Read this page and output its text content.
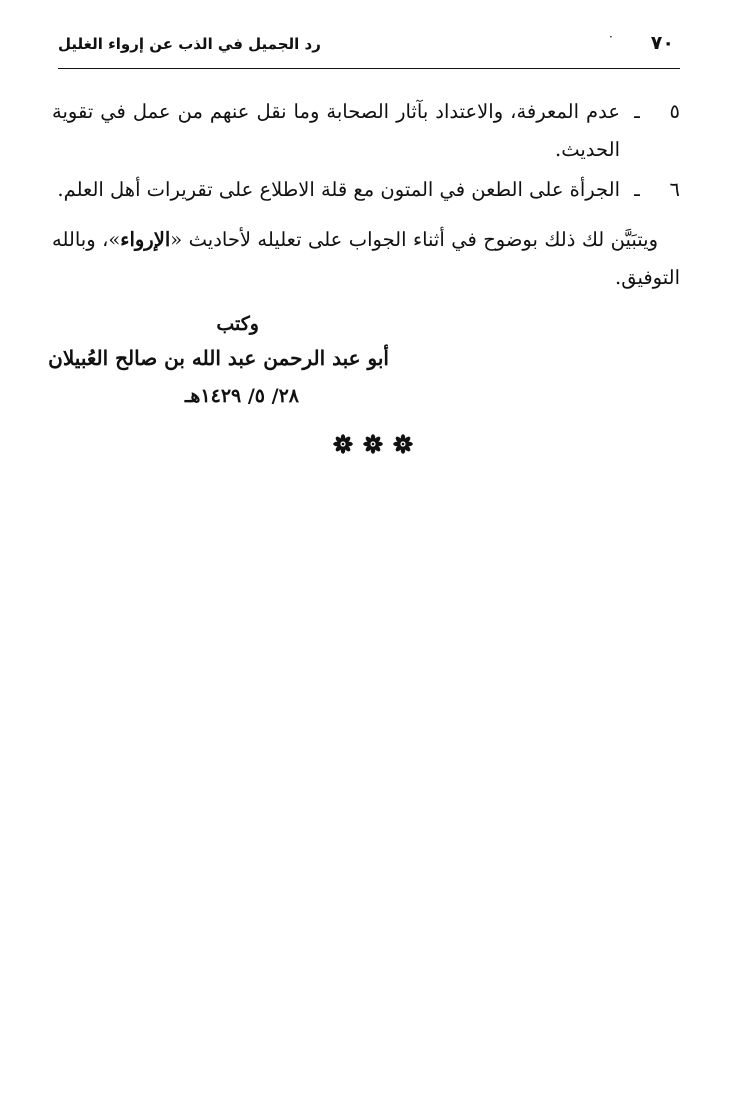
٧٠
·
رد الجميل في الذب عن إرواء الغليل
٥
ـ
عدم المعرفة، والاعتداد بآثار الصحابة وما نقل عنهم من عمل في تقوية الحديث.
٦
ـ
الجرأة على الطعن في المتون مع قلة الاطلاع على تقريرات أهل العلم.
ويتبَيَّن لك ذلك بوضوح في أثناء الجواب على تعليله لأحاديث «الإرواء»، وبالله التوفيق.
وكتب
أبو عبد الرحمن عبد الله بن صالح العُبيلان
٢٨/ ٥/ ١٤٢٩هـ
